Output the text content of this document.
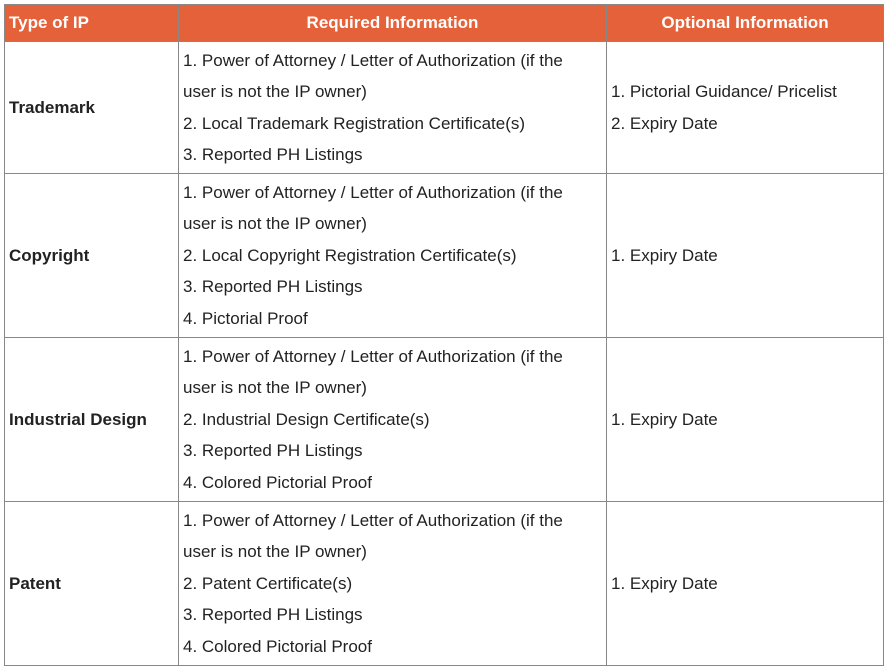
Type of IP	Required Information	Optional Information
Trademark	1. Power of Attorney / Letter of Authorization (if the
user is not the IP owner)
2. Local Trademark Registration Certificate(s)
3. Reported PH Listings	1. Pictorial Guidance/ Pricelist
2. Expiry Date

Copyright	1. Power of Attorney / Letter of Authorization (if the
user is not the IP owner)
2. Local Copyright Registration Certificate(s)
3. Reported PH Listings
4. Pictorial Proof	1. Expiry Date

Industrial Design	1. Power of Attorney / Letter of Authorization (if the
user is not the IP owner)
2. Industrial Design Certificate(s)
3. Reported PH Listings
4. Colored Pictorial Proof	1. Expiry Date

Patent	1. Power of Attorney / Letter of Authorization (if the
user is not the IP owner)
2. Patent Certificate(s)
3. Reported PH Listings
4. Colored Pictorial Proof	1. Expiry Date
